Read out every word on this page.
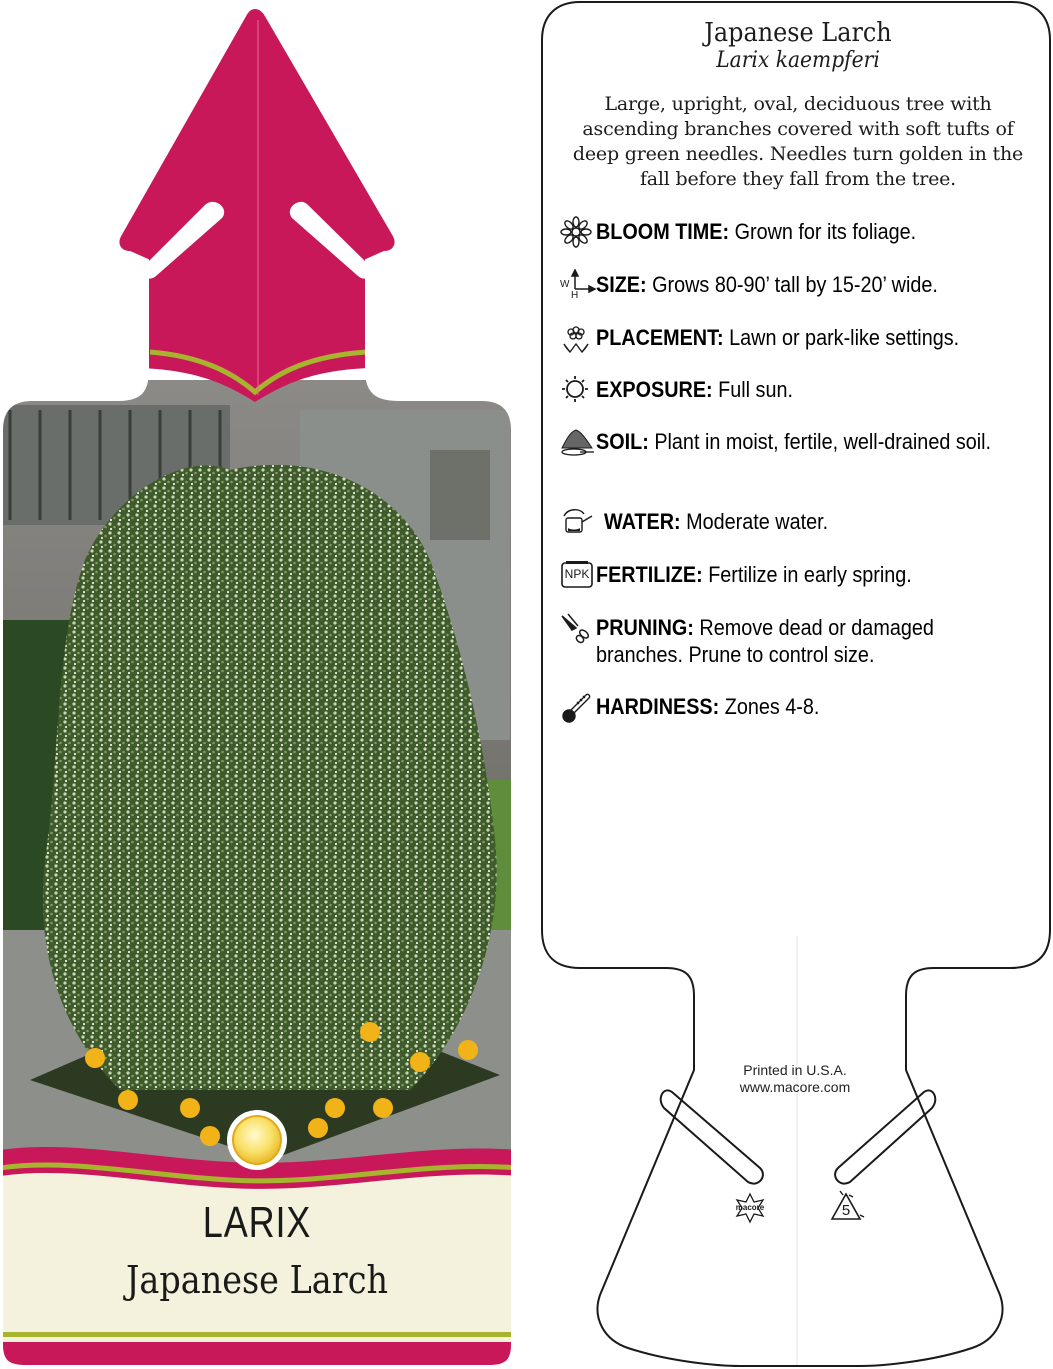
LARIX
Japanese Larch
5
macore
Japanese Larch
Larix kaempferi
Large, upright, oval, deciduous tree with ascending branches covered with soft tufts of deep green needles. Needles turn golden in the fall before they fall from the tree.
BLOOM TIME: Grown for its foliage.
SIZE: Grows 80-90’ tall by 15-20’ wide.
W
H
PLACEMENT: Lawn or park-like settings.
EXPOSURE: Full sun.
SOIL: Plant in moist, fertile, well-drained soil.
WATER: Moderate water.
FERTILIZE: Fertilize in early spring.
NPK
PRUNING: Remove dead or damaged branches. Prune to control size.
HARDINESS: Zones 4-8.
Printed in U.S.A.
www.macore.com
